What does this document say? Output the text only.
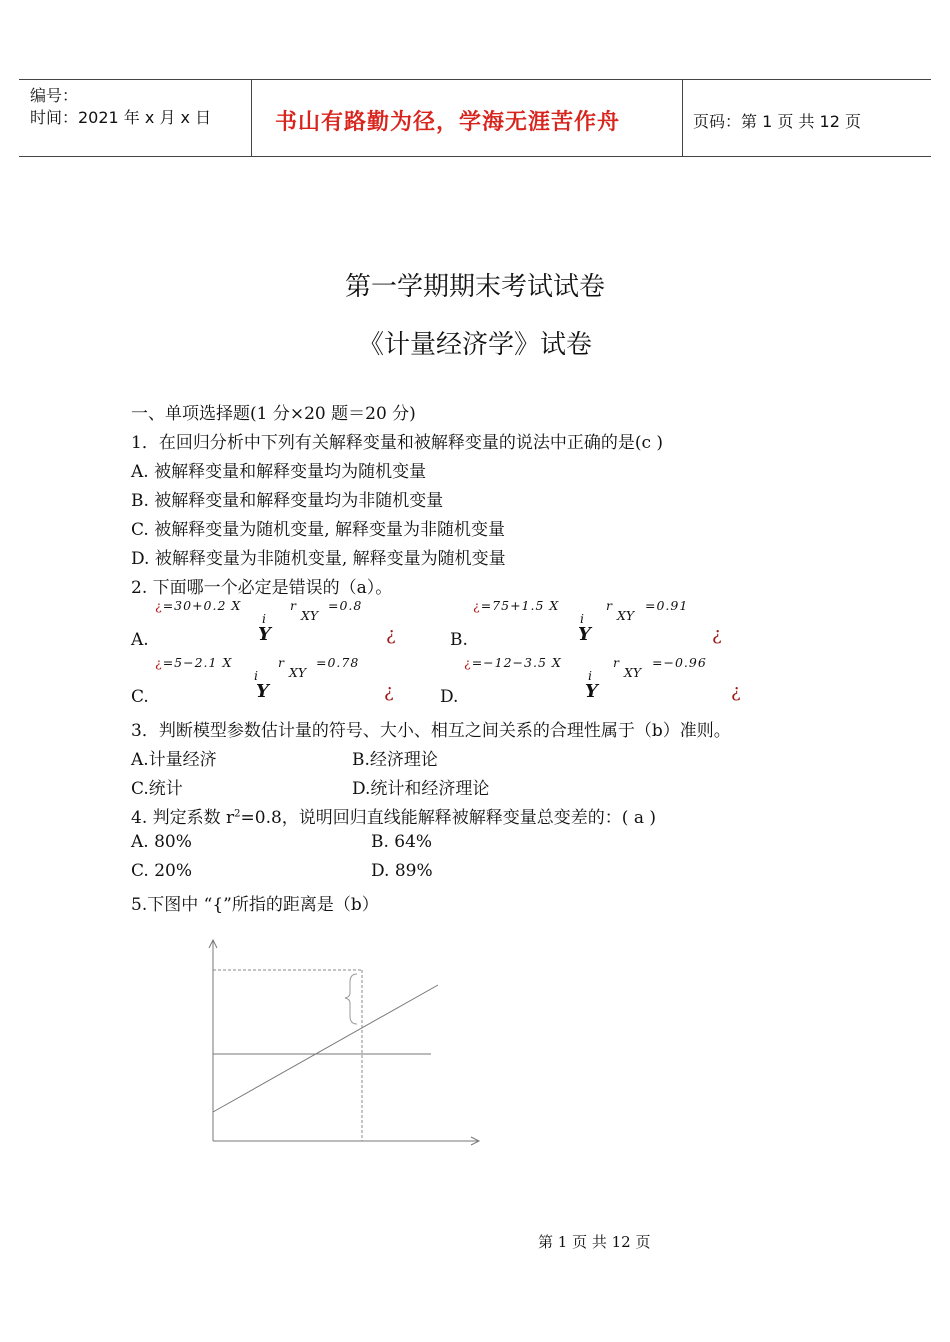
编号：
时间：2021 年 x 月 x 日	书山有路勤为径，学海无涯苦作舟	页码：第 1 页 共 12 页
第一学期期末考试试卷
《计量经济学》试卷
一、单项选择题(1 分×20 题＝20 分)
1．在回归分析中下列有关解释变量和被解释变量的说法中正确的是(c )
A. 被解释变量和解释变量均为随机变量
B. 被解释变量和解释变量均为非随机变量
C. 被解释变量为随机变量, 解释变量为非随机变量
D. 被解释变量为非随机变量, 解释变量为随机变量
2. 下面哪一个必定是错误的（a）。
¿=30+0.2 X
i
r
XY
=0.8
A.	Y	¿
¿=75+1.5 X
i
r
XY
=0.91
B.	Y	¿
¿=5−2.1 X
i
r
XY
=0.78
C.	Y	¿
¿=−12−3.5 X
i
r
XY
=−0.96
D.	Y	¿
3．判断模型参数估计量的符号、大小、相互之间关系的合理性属于（b）准则。
A.计量经济	B.经济理论
C.统计	D.统计和经济理论
4. 判定系数 $r^2=0.8$，说明回归直线能解释被解释变量总变差的：( a )
A. 80%	B. 64%
C. 20%	D. 89%
5.下图中 “{”所指的距离是（b）
第 1 页 共 12 页
